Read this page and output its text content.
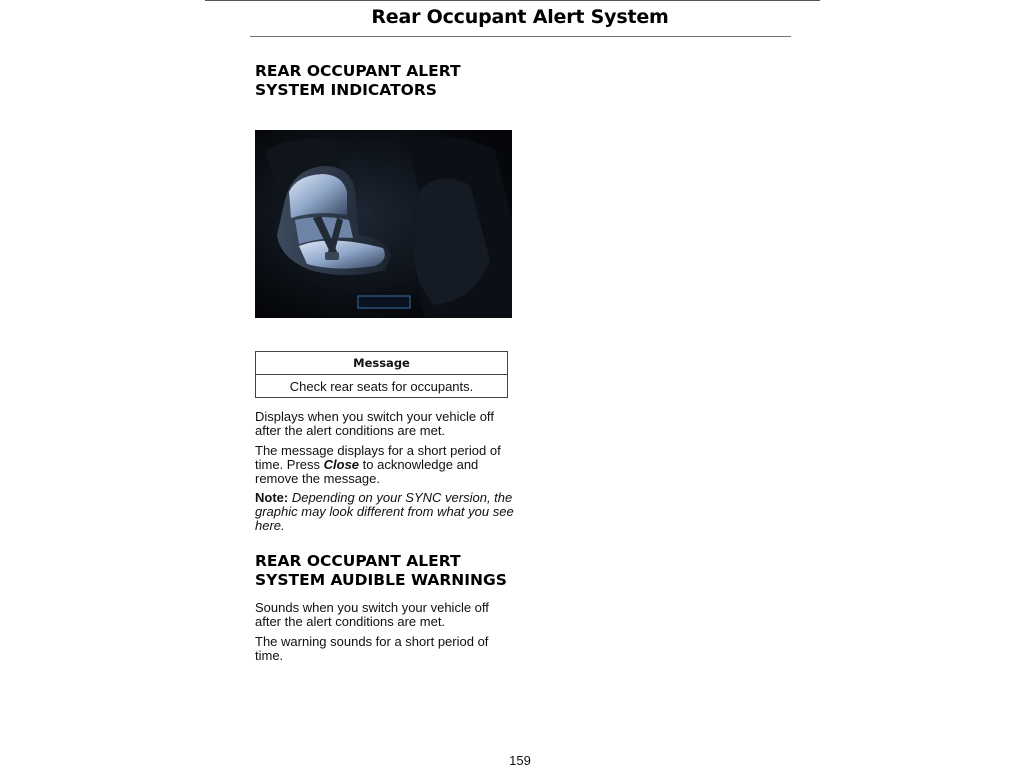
Rear Occupant Alert System
REAR OCCUPANT ALERT
SYSTEM INDICATORS
Message
Check rear seats for occupants.

Displays when you switch your vehicle off after the alert conditions are met.

The message displays for a short period of time. Press Close to acknowledge and remove the message.

Note: Depending on your SYNC version, the graphic may look different from what you see here.

REAR OCCUPANT ALERT
SYSTEM AUDIBLE WARNINGS

Sounds when you switch your vehicle off after the alert conditions are met.

The warning sounds for a short period of time.

159
